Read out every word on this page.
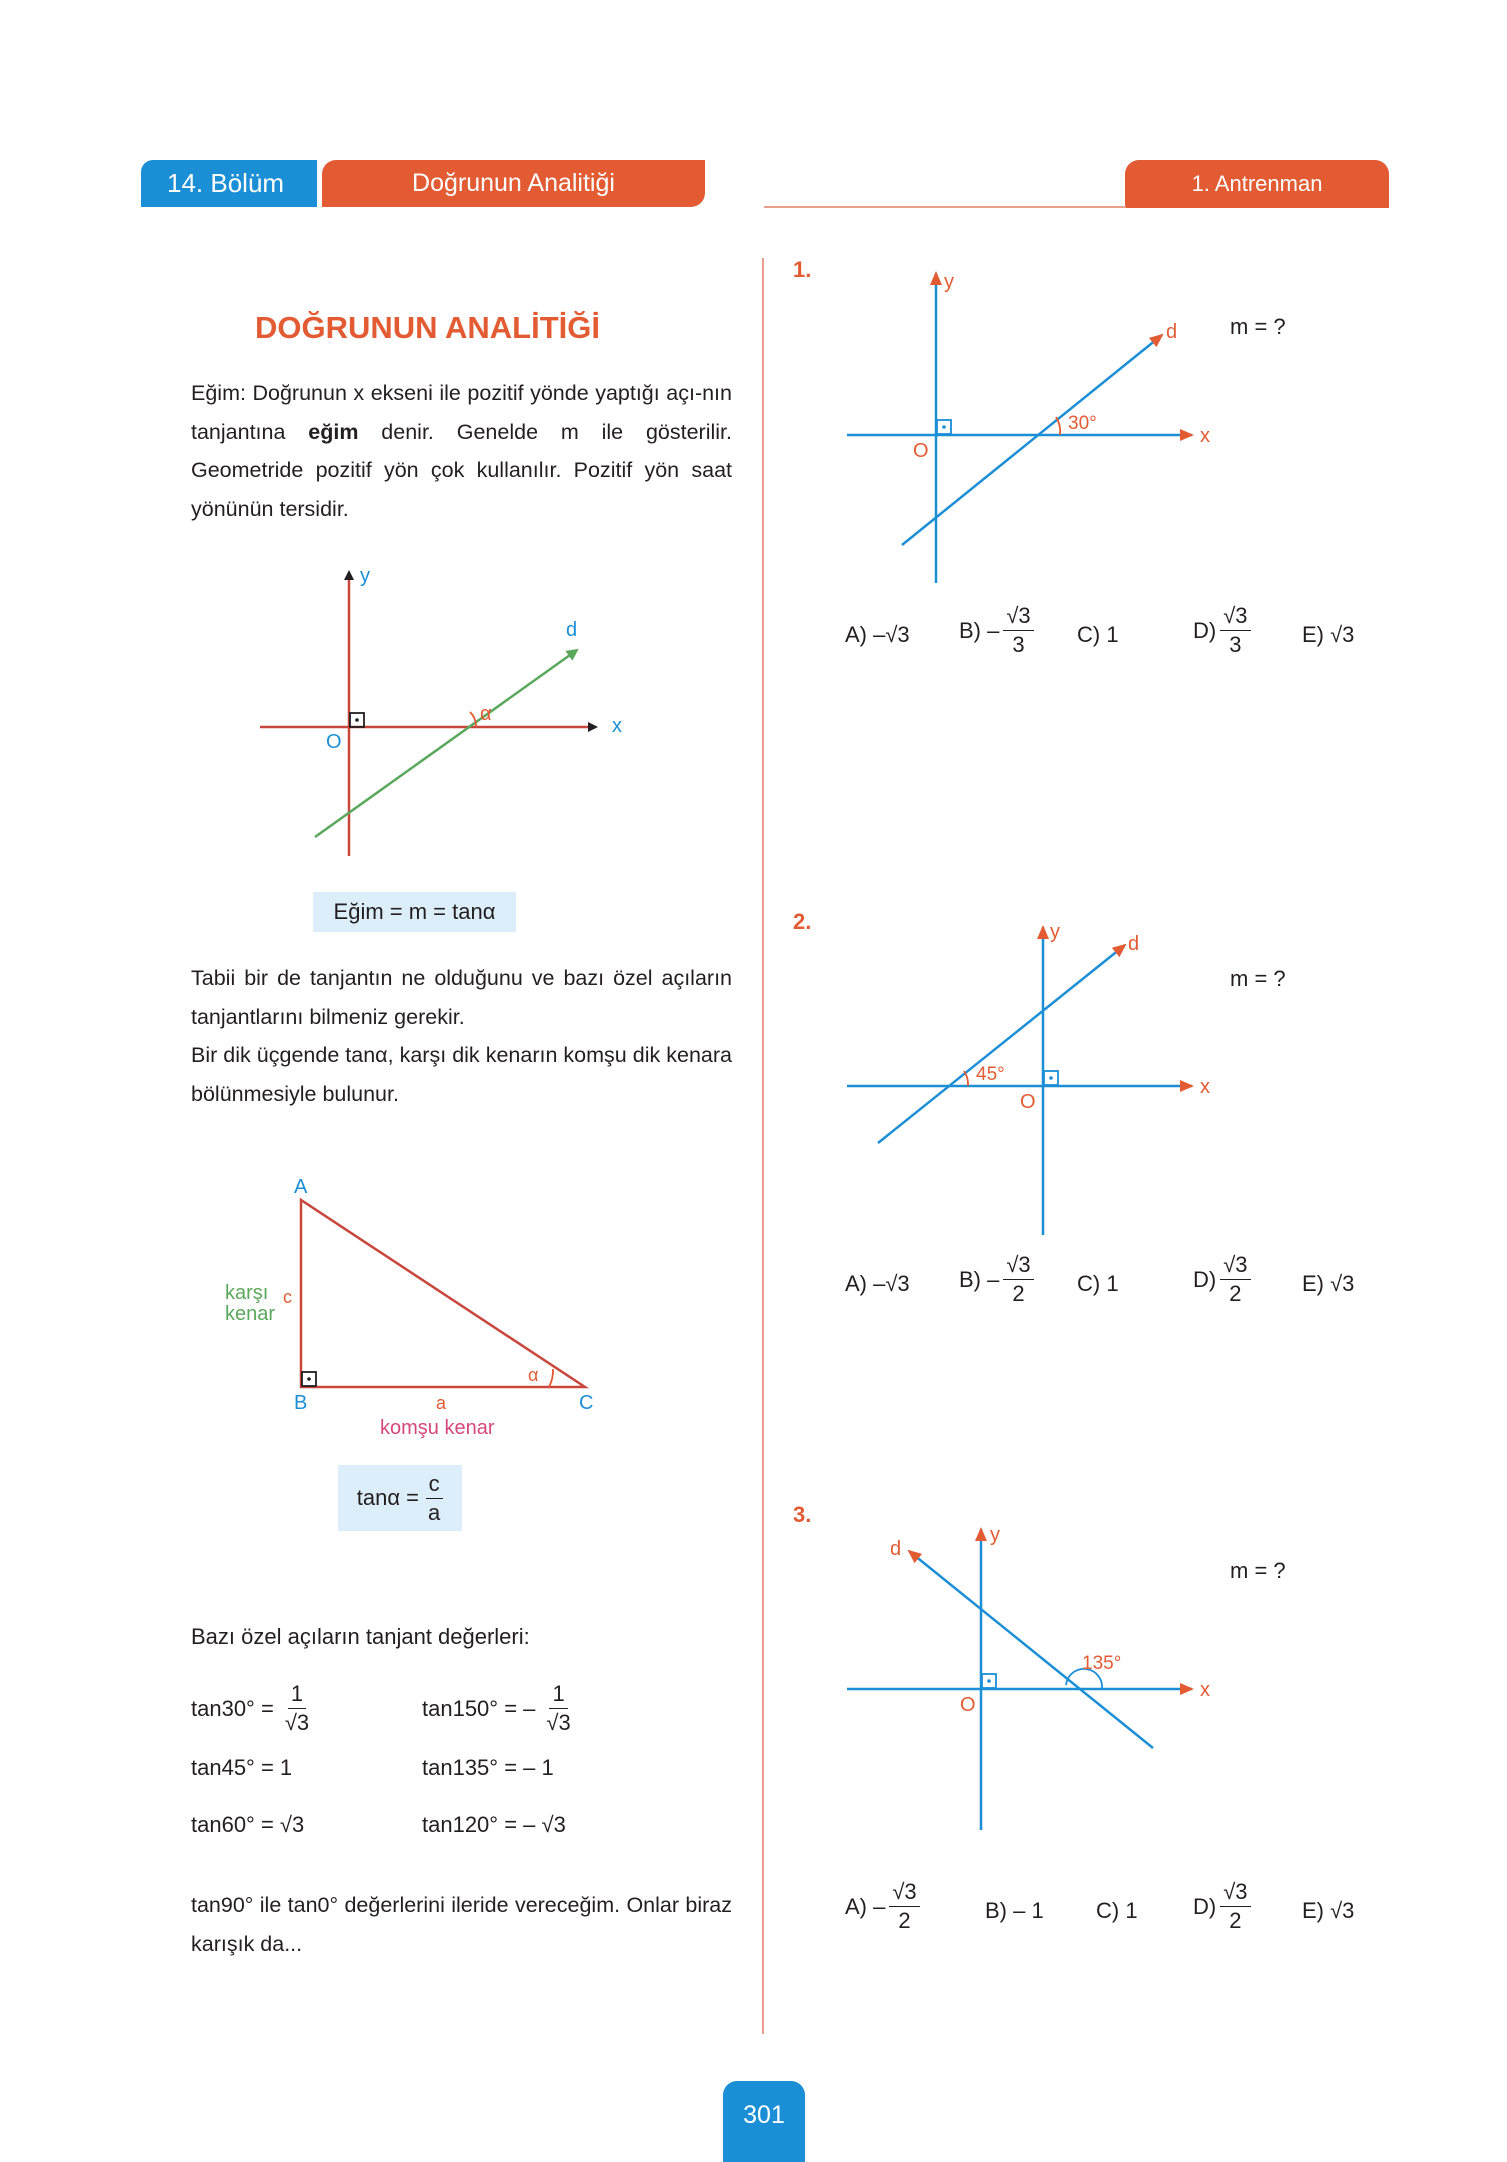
14. Bölüm	Doğrunun Analitiği	1. Antrenman
DOĞRUNUN ANALİTİĞİ
Eğim: Doğrunun x ekseni ile pozitif yönde yaptığı açı-nın tanjantına eğim denir. Genelde m ile gösterilir. Geometride pozitif yön çok kullanılır. Pozitif yön saat yönünün tersidir.
y
x
d
O
α
Eğim = m = tanα
Tabii bir de tanjantın ne olduğunu ve bazı özel açıların tanjantlarını bilmeniz gerekir.
Bir dik üçgende tanα, karşı dik kenarın komşu dik kenara bölünmesiyle bulunur.
A
B	C
c
a
α
karşı
kenar
komşu kenar
$\tan\alpha = \frac{c}{a}$
Bazı özel açıların tanjant değerleri:
$\tan 30^\circ = \frac{1}{√3}$	tan150° = – $\frac{1}{√3}$
tan45° = 1	tan135° = – 1
tan60° = √3	tan120° = – √3
tan90° ile tan0° değerlerini ileride vereceğim. Onlar biraz karışık da...
1.
m = ?
y
x
d
O
30°
A) –√3 $B) - \frac{√3}{3} C$) 1	$D) \frac{√3}{3} E$) √3
2.
m = ?
y
x
d
O
45°
A) –√3 $B) - \frac{√3}{2} C$) 1	$D) \frac{√3}{2} E$) √3
3.
m = ?
y
x
d
O
135°
$A) - \frac{√3}{2}$	B) – 1 C) 1	$D) \frac{√3}{2} E$) √3
301
